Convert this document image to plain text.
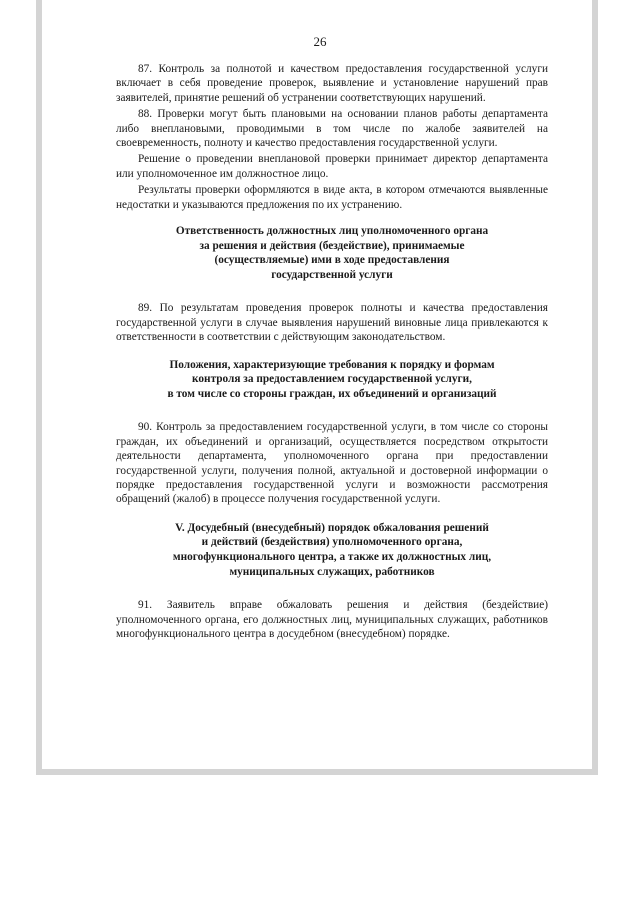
26

87. Контроль за полнотой и качеством предоставления государственной услуги включает в себя проведение проверок, выявление и установление нарушений прав заявителей, принятие решений об устранении соответствующих нарушений.

88. Проверки могут быть плановыми на основании планов работы департамента либо внеплановыми, проводимыми в том числе по жалобе заявителей на своевременность, полноту и качество предоставления государственной услуги.

Решение о проведении внеплановой проверки принимает директор департамента или уполномоченное им должностное лицо.

Результаты проверки оформляются в виде акта, в котором отмечаются выявленные недостатки и указываются предложения по их устранению.

Ответственность должностных лиц уполномоченного органа

за решения и действия (бездействие), принимаемые

(осуществляемые) ими в ходе предоставления

государственной услуги

89. По результатам проведения проверок полноты и качества предоставления государственной услуги в случае выявления нарушений виновные лица привлекаются к ответственности в соответствии с действующим законодательством.

Положения, характеризующие требования к порядку и формам

контроля за предоставлением государственной услуги,

в том числе со стороны граждан, их объединений и организаций

90. Контроль за предоставлением государственной услуги, в том числе со стороны граждан, их объединений и организаций, осуществляется посредством открытости деятельности департамента, уполномоченного органа при предоставлении государственной услуги, получения полной, актуальной и достоверной информации о порядке предоставления государственной услуги и возможности рассмотрения обращений (жалоб) в процессе получения государственной услуги.

V. Досудебный (внесудебный) порядок обжалования решений

и действий (бездействия) уполномоченного органа,

многофункционального центра, а также их должностных лиц,

муниципальных служащих, работников

91. Заявитель вправе обжаловать решения и действия (бездействие) уполномоченного органа, его должностных лиц, муниципальных служащих, работников многофункционального центра в досудебном (внесудебном) порядке.
